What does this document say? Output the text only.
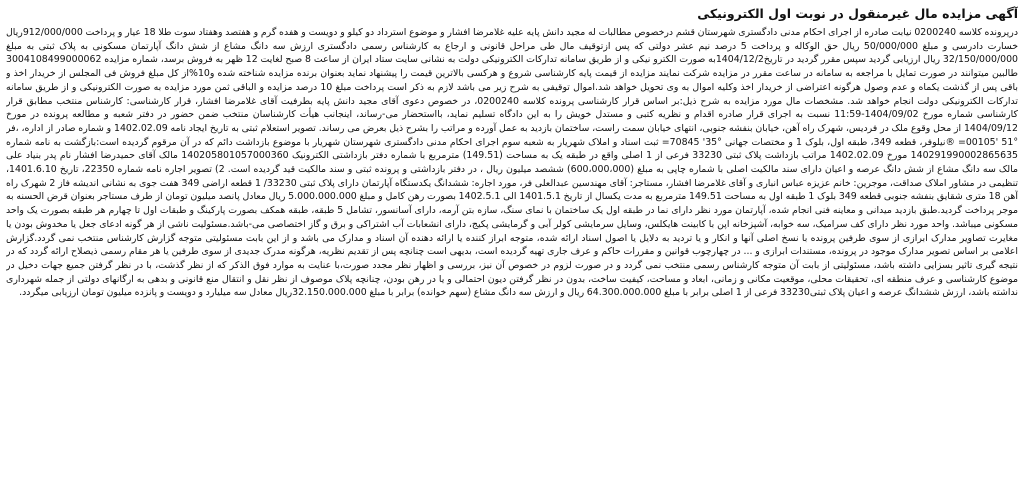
آگهی مزایده مال غیرمنقول در نوبت اول الکترونیکی

درپرونده کلاسه 0200240 نیابت صادره از اجرای احکام مدنی دادگستری شهرستان قشم درخصوص مطالبات له مجید دانش پایه علیه غلامرضا افشار و موضوع استرداد دو کیلو و دویست و هفده گرم و هفتصد وهفتاد سوت طلا 18 عیار و پرداخت 912/000/000ریال خسارت دادرسی و مبلغ 50/000/000 ریال حق الوکاله و پرداخت 5 درصد نیم عشر دولتی که پس ازتوقیف مال طی مراحل قانونی و ارجاع به کارشناس رسمی دادگستری ارزش سه دانگ مشاع از شش دانگ آپارتمان مسکونی به پلاک ثبتی به مبلغ 32/150/000/000 ریال ارزیابی گردید سپس مقرر گردید در تاریخ1404/12/2به صورت الکترو نیکی و از طریق سامانه تدارکات الکترونیکی دولت به نشانی سایت ستاد ایران از ساعت 8 صبح لغایت 12 ظهر به فروش برسد، شماره مزایده 3004108499000062 طالبین میتوانند در صورت تمایل با مراجعه به سامانه در ساعت مقرر در مزایده شرکت نمایند مزایده از قیمت پایه کارشناسی شروع و هرکسی بالاترین قیمت را پیشنهاد نماید بعنوان برنده مزایده شناخته شده و10%از کل مبلغ فروش فی المجلس از خریدار اخذ و باقی پس از گذشت یکماه و عدم وصول هرگونه اعتراضی از خریدار اخذ وکلیه اموال به وی تحویل خواهد شد.اموال توقیفی به شرح زیر می باشد لازم به ذکر است پرداخت مبلغ 10 درصد مزایده و الباقی ثمن مورد مزایده به صورت الکترونیکی و از طریق سامانه تدارکات الکترونیکی دولت انجام خواهد شد. مشخصات مال مورد مزایده به شرح ذیل:بر اساس قرار کارشناسی پرونده کلاسه 0200240، در خصوص دعوی آقای مجید دانش پایه بطرفیت آقای غلامرضا افشار، قرار کارشناسی: کارشناس منتخب مطابق قرار کارشناسی شماره مورخ 1404/09/02-11:59 نسبت به اجرای قرار صادره اقدام و نظریه کتبی و مستدل خویش را به این دادگاه تسلیم نماید، بااستحضار می-رساند، اینجانب هیأت کارشناسان منتخب ضمن حضور در دفتر شعبه و مطالعه پرونده در مورخ 1404/09/12 از محل وقوع ملک در فردیس، شهرک راه آهن، خیابان بنفشه جنوبی، انتهای خیابان سمت راست، ساختمان بازدید به عمل آورده و مراتب را بشرح ذیل بعرض می رساند. تصویر استعلام ثبتی به تاریخ ایجاد نامه 1402.02.09 و شماره صادر از اداره، ،فر °51 '00105= ®نیلوفر، قطعه 349، طبقه اول، بلوک 1 و مختصات جهانی °35' 70845= ثبت اسناد و املاک شهریار به شعبه سوم اجرای احکام مدنی دادگستری شهرستان شهریار با موضوع بازداشت دائم که در آن مرقوم گردیده است:بازگشت به نامه شماره 140291990002865635 مورخ 1402.02.09 مراتب بازداشت پلاک ثبتی 33230 فرعی از 1 اصلی واقع در طبقه یک به مساحت (149.51) مترمربع با شماره دفتر بازداشتی الکترونیک 140205801057000360 مالک آقای حمیدرضا افشار نام پدر بنیاد علی مالک سه دانگ مشاع از شش دانگ عرصه و اعیان دارای سند مالکیت اصلی با شماره چاپی به مبلغ (600،000،000) ششصد میلیون ریال ، در دفتر بازداشتی و پرونده ثبتی و سند مالکیت قید گردیده است. 2) تصویر اجاره نامه شماره 22350، تاریخ 1401.6.10، تنظیمی در مشاور املاک صداقت، موجرین: خانم عزیزه عباس انباری و آقای غلامرضا افشار، مستاجر: آقای مهندسین عبدالعلی فر، مورد اجاره: ششدانگ یکدستگاه آپارتمان دارای پلاک ثبتی 33230/ 1 قطعه اراضی 349 هفت جوی به نشانی اندیشه فاز 2 شهرک راه آهن 18 متری شقایق بنفشه جنوبی قطعه 349 بلوک 1 طبقه اول به مساحت 149.51 مترمربع به مدت یکسال از تاریخ 1401.5.1 الی 1402.5.1 بصورت رهن کامل و مبلغ 5.000.000.000 ریال معادل پانصد میلیون تومان از طرف مستاجر بعنوان قرض الحسنه به موجر پرداخت گردید.طبق بازدید میدانی و معاینه فنی انجام شده، آپارتمان مورد نظر دارای نما در طبقه اول یک ساختمان با نمای سنگ، سازه بتن آرمه، دارای آسانسور، تشامل 5 طبقه، طبقه همکف بصورت پارکینگ و طبقات اول تا چهارم هر طبقه بصورت یک واحد مسکونی میباشد. واحد مورد نظر دارای کف سرامیک، سه خوابه، آشپزخانه اپن با کابینت هایکلس، وسایل سرمایشی کولر آبی و گرمایشی پکیج، دارای انشعابات آب اشتراکی و برق و گاز اختصاصی می-باشد.مسئولیت ناشی از هر گونه ادعای جعل یا مخدوش بودن یا مغایرت تصاویر مدارک ابرازی از سوی طرفین پرونده با نسخ اصلی آنها و انکار و یا تردید به دلایل یا اصول اسناد ارائه شده، متوجه ابراز کننده یا ارائه دهنده آن اسناد و مدارک می باشد و از این بابت مسئولیتی متوجه گزارش کارشناس منتخب نمی گردد.گزارش اعلامی بر اساس تصویر مدارک موجود در پرونده، مستندات ابرازی و ... در چهارچوب قوانین و مقررات حاکم و عرف جاری تهیه گردیده است، بدیهی است چنانچه پس از تقدیم نظریه، هرگونه مدرک جدیدی از سوی طرفین یا هر مقام رسمی ذیصلاح ارائه گردد که در نتیجه گیری تاثیر بسزایی داشته باشد، مسئولیتی از بابت آن متوجه کارشناس رسمی منتخب نمی گردد و در صورت لزوم در خصوص آن نیز، بررسی و اظهار نظر مجدد صورت،با عنایت به موارد فوق الذکر که از نظر گذشت، با در نظر گرفتن جمیع جهات دخیل در موضوع کارشناسی و عرف منطقه ای، تحقیقات محلی، موقعیت مکانی و زمانی، ابعاد و مساحت، کیفیت ساخت، بدون در نظر گرفتن دیون احتمالی و یا در رهن بودن، چنانچه پلاک موصوف از نظر نقل و انتقال منع قانونی و بدهی به ارگانهای دولتی از جمله شهرداری نداشته باشد، ارزش ششدانگ عرصه و اعیان پلاک ثبتی33230 فرعی از 1 اصلی برابر با مبلغ 64.300.000.000 ریال و ارزش سه دانگ مشاع (سهم خوانده) برابر با مبلغ 32.150.000.000ریال معادل سه میلیارد و دویست و پانزده میلیون تومان ارزیابی میگردد.
